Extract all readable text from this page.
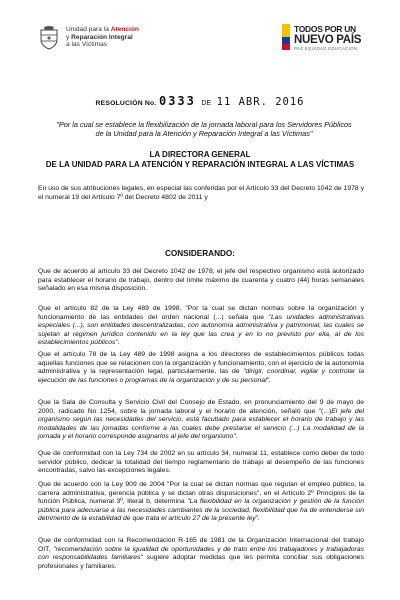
Unidad para la Atención
y Reparación Integral
a las Víctimas
TODOS POR UN
NUEVO PAÍS
PAZ EQUIDAD EDUCACIÓN
RESOLUCIÓN No. 0333 DE 11 ABR. 2016
"Por la cual se establece la flexibilización de la jornada laboral para los Servidores Públicos de la Unidad para la Atención y Reparación Integral a las Víctimas"
LA DIRECTORA GENERAL
DE LA UNIDAD PARA LA ATENCIÓN Y REPARACIÓN INTEGRAL A LAS VÍCTIMAS

En uso de sus atribuciones legales, en especial las conferidas por el Artículo 33 del Decreto 1042 de 1978 y el numeral 19 del Artículo 7º del Decreto 4802 de 2011 y

CONSIDERANDO:

Que de acuerdo al artículo 33 del Decreto 1042 de 1978, el jefe del respectivo organismo está autorizado para establecer el horario de trabajo, dentro del límite máximo de cuarenta y cuatro (44) horas semanales señalado en esa misma disposición.

Que el artículo 82 de la Ley 489 de 1998, "Por la cual se dictan normas sobre la organización y funcionamiento de las entidades del orden nacional (...) señala que "Las unidades administrativas especiales (...), son entidades descentralizadas, con autonomía administrativa y patrimonial, las cuales se sujetan al régimen jurídico contenido en la ley que las crea y en lo no previsto por ella, al de los establecimientos públicos".

Que el artículo 78 de la Ley 489 de 1998 asigna a los directores de establecimientos públicos todas aquellas funciones que se relacionen con la organización y funcionamiento, con el ejercicio de la autonomía administrativa y la representación legal, particularmente, las de "dirigir, coordinar, vigilar y controlar la ejecución de las funciones o programas de la organización y de su personal".

Que la Sala de Consulta y Servicio Civil del Consejo de Estado, en pronunciamiento del 9 de mayo de 2000, radicado No 1254, sobre la jornada laboral y el horario de atención, señaló que "(...)El jefe del organismo según las necesidades del servicio, está facultado para establecer el horario de trabajo y las modalidades de las jornadas conforme a las cuales debe prestarse el servicio (...) La modalidad de la jornada y el horario corresponde asignarlos al jefe del organismo".

Que de conformidad con la Ley 734 de 2002 en su artículo 34, numeral 11, establece como deber de todo servidor público, dedicar la totalidad del tiempo reglamentario de trabajo al desempeño de las funciones encontradas, salvo las excepciones legales.

Que de acuerdo con la Ley 909 de 2004 "Por la cual se dictan normas que regulan el empleo público, la carrera administrativa, gerencia pública y se dictan otras disposiciones", en el Artículo 2º Principios de la función Pública, numeral 3º, literal b, determina "La flexibilidad en la organización y gestión de la función pública para adecuarse a las necesidades cambiantes de la sociedad, flexibilidad que ha de entenderse sin detrimento de la estabilidad de que trata el artículo 27 de la presente ley".

Que de conformidad con la Recomendación R-165 de 1981 de la Organización Internacional del trabajo OIT, "recomendación sobre la igualdad de oportunidades y de trato entre los trabajadores y trabajadoras con responsabilidades familiares" sugiere adoptar medidas que les permita conciliar sus obligaciones profesionales y familiares.
